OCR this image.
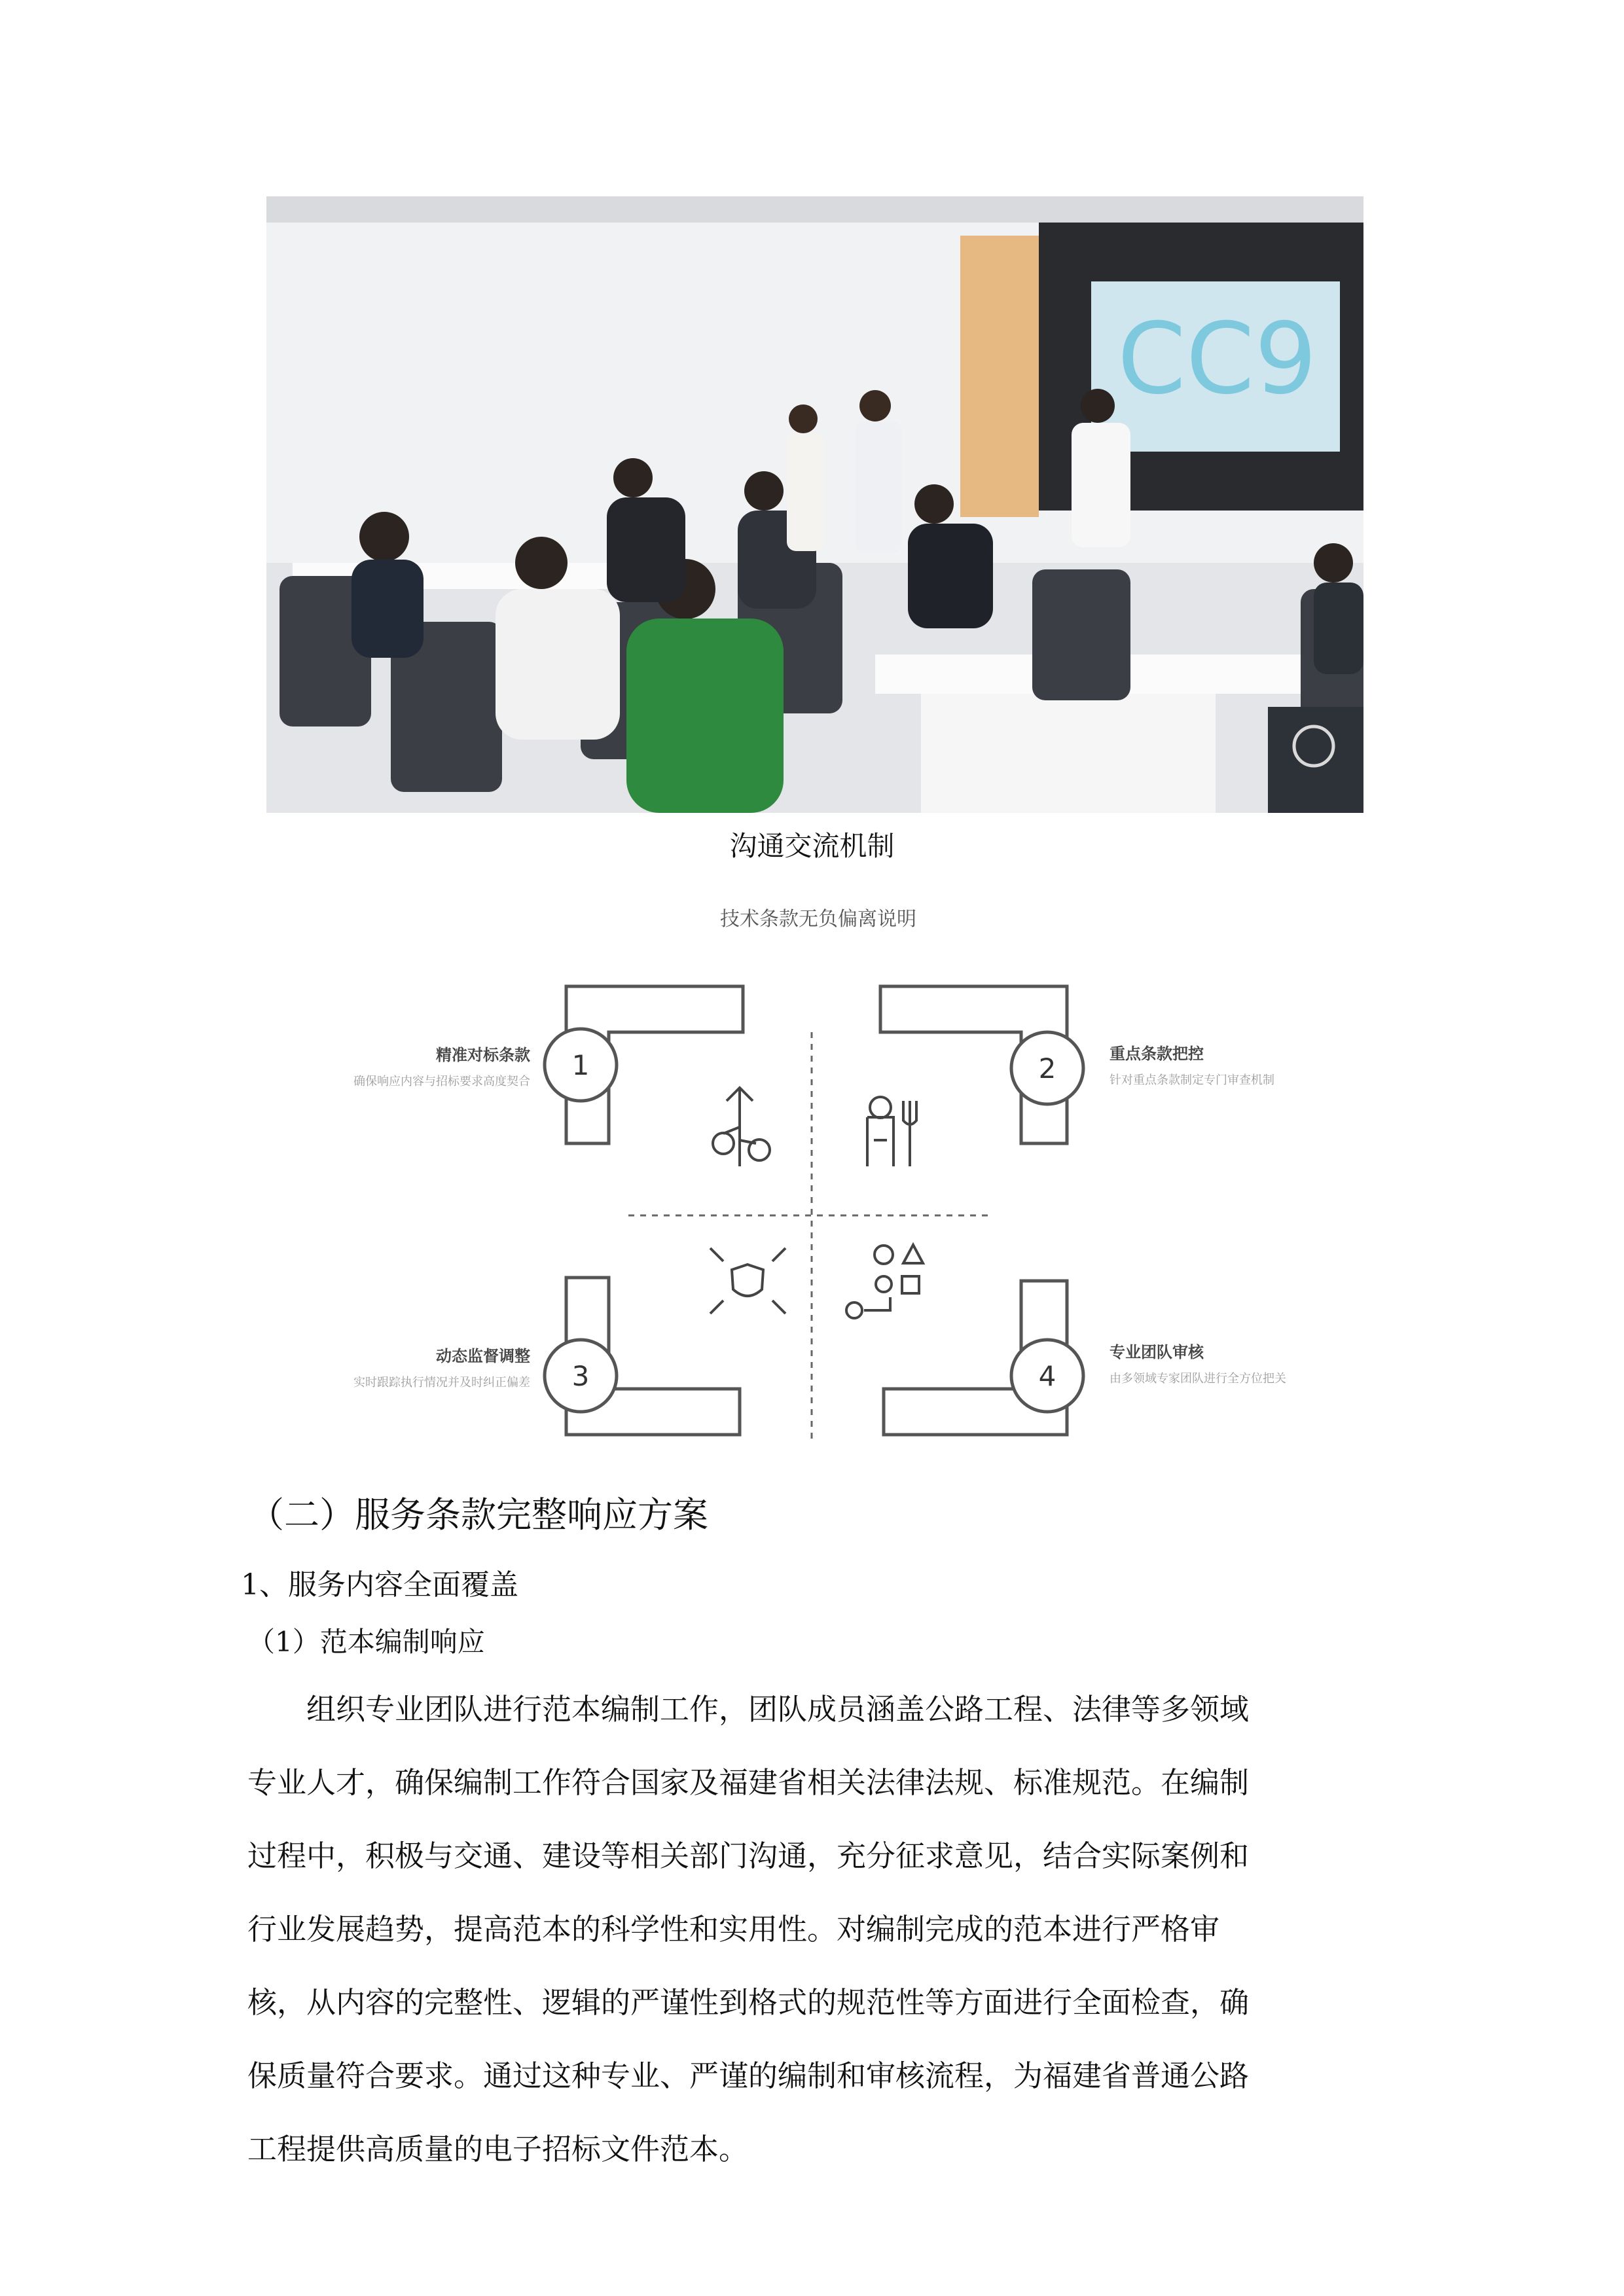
CC9
沟通交流机制
技术条款无负偏离说明
1	2
3	4
精准对标条款
确保响应内容与招标要求高度契合
重点条款把控
针对重点条款制定专门审查机制
动态监督调整
实时跟踪执行情况并及时纠正偏差
专业团队审核
由多领域专家团队进行全方位把关
（二）服务条款完整响应方案
1、服务内容全面覆盖
（1）范本编制响应
组织专业团队进行范本编制工作，团队成员涵盖公路工程、法律等多领域
专业人才，确保编制工作符合国家及福建省相关法律法规、标准规范。在编制
过程中，积极与交通、建设等相关部门沟通，充分征求意见，结合实际案例和
行业发展趋势，提高范本的科学性和实用性。对编制完成的范本进行严格审
核，从内容的完整性、逻辑的严谨性到格式的规范性等方面进行全面检查，确
保质量符合要求。通过这种专业、严谨的编制和审核流程，为福建省普通公路
工程提供高质量的电子招标文件范本。
